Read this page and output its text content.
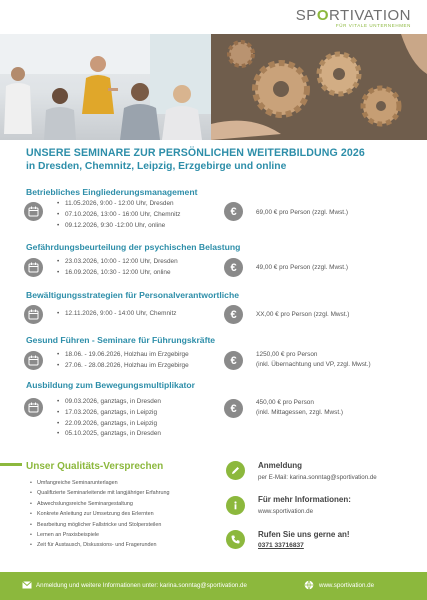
SPORTIVATION
FÜR VITALE UNTERNEHMEN
UNSERE SEMINARE ZUR PERSÖNLICHEN WEITERBILDUNG 2026
in Dresden, Chemnitz, Leipzig, Erzgebirge und online
Betriebliches Eingliederungsmanagement
• 11.05.2026, 9:00 - 12:00 Uhr, Dresden
• 07.10.2026, 13:00 - 16:00 Uhr, Chemnitz
• 09.12.2026, 9:30 -12:00 Uhr, online
€	69,00 € pro Person (zzgl. Mwst.)
Gefährdungsbeurteilung der psychischen Belastung
• 23.03.2026, 10:00 - 12:00 Uhr, Dresden
• 16.09.2026, 10:30 - 12:00 Uhr, online	€	49,00 € pro Person (zzgl. Mwst.)
Bewältigungsstrategien für Personalverantwortliche
• 12.11.2026, 9:00 - 14:00 Uhr, Chemnitz	€	XX,00 € pro Person (zzgl. Mwst.)
Gesund Führen - Seminare für Führungskräfte
• 18.06. - 19.06.2026, Holzhau im Erzgebirge
• 27.06. - 28.08.2026, Holzhau im Erzgebirge	€	1250,00 € pro Person
(inkl. Übernachtung und VP, zzgl. Mwst.)
Ausbildung zum Bewegungsmultiplikator
• 09.03.2026, ganztags, in Dresden
• 17.03.2026, ganztags, in Leipzig
• 22.09.2026, ganztags, in Leipzig
• 05.10.2025, ganztags, in Dresden
€	450,00 € pro Person
(inkl. Mittagessen, zzgl. Mwst.)
Unser Qualitäts-Versprechen
• Umfangreiche Seminarunterlagen
• Qualifizierte Seminarleitende mit langjähriger Erfahrung
• Abwechslungsreiche Seminargestaltung
• Konkrete Anleitung zur Umsetzung des Erlernten
• Bearbeitung möglicher Fallstricke und Stolpersteilen
• Lernen an Praxisbeispiele
• Zeit für Austausch, Diskussions- und Fragerunden
Anmeldung
per E-Mail: karina.sonntag@sportivation.de
Für mehr Informationen:
www.sportivation.de
Rufen Sie uns gerne an!
0371 33716837
Anmeldung und weitere Informationen unter: karina.sonntag@sportivation.de	www.sportivation.de
